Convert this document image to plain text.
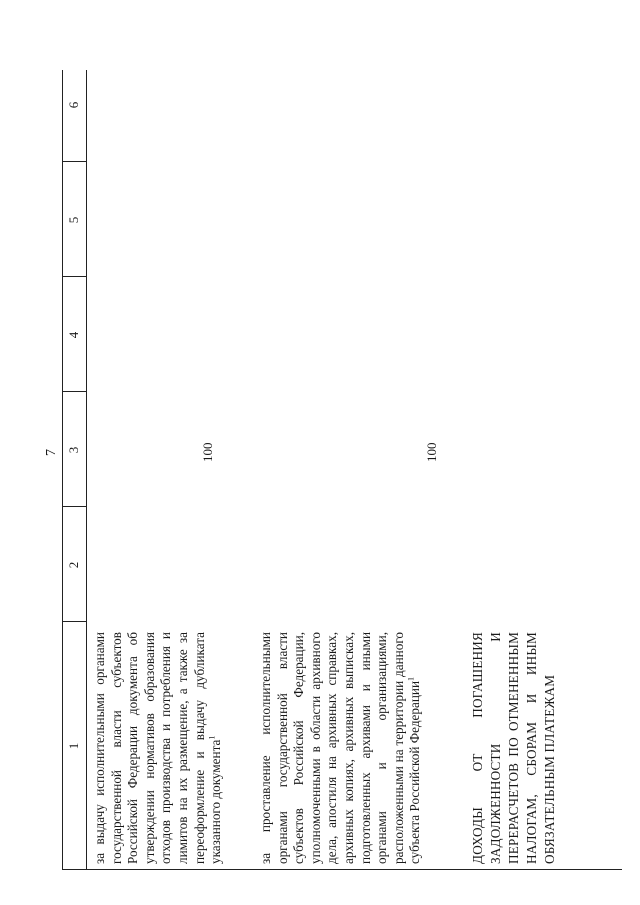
7
1
2
3
4
5
6
за выдачу исполнительными органами государственной власти субъектов Российской Федерации документа об утверждении нормативов образования отходов производства и потребления и лимитов на их размещение, а также за переоформление и выдачу дубликата указанного документа$^1$
100
за проставление исполнительными органами государственной власти субъектов Российской Федерации, уполномоченными в области архивного дела, апостиля на архивных справках, архивных копиях, архивных выписках, подготовленных архивами и иными органами и организациями, расположенными на территории данного субъекта Российской Федерации$^1$
100
ДОХОДЫ ОТ ПОГАШЕНИЯ ЗАДОЛЖЕННОСТИ И ПЕРЕРАСЧЕТОВ ПО ОТМЕНЕННЫМ НАЛОГАМ, СБОРАМ И ИНЫМ ОБЯЗАТЕЛЬНЫМ ПЛАТЕЖАМ
